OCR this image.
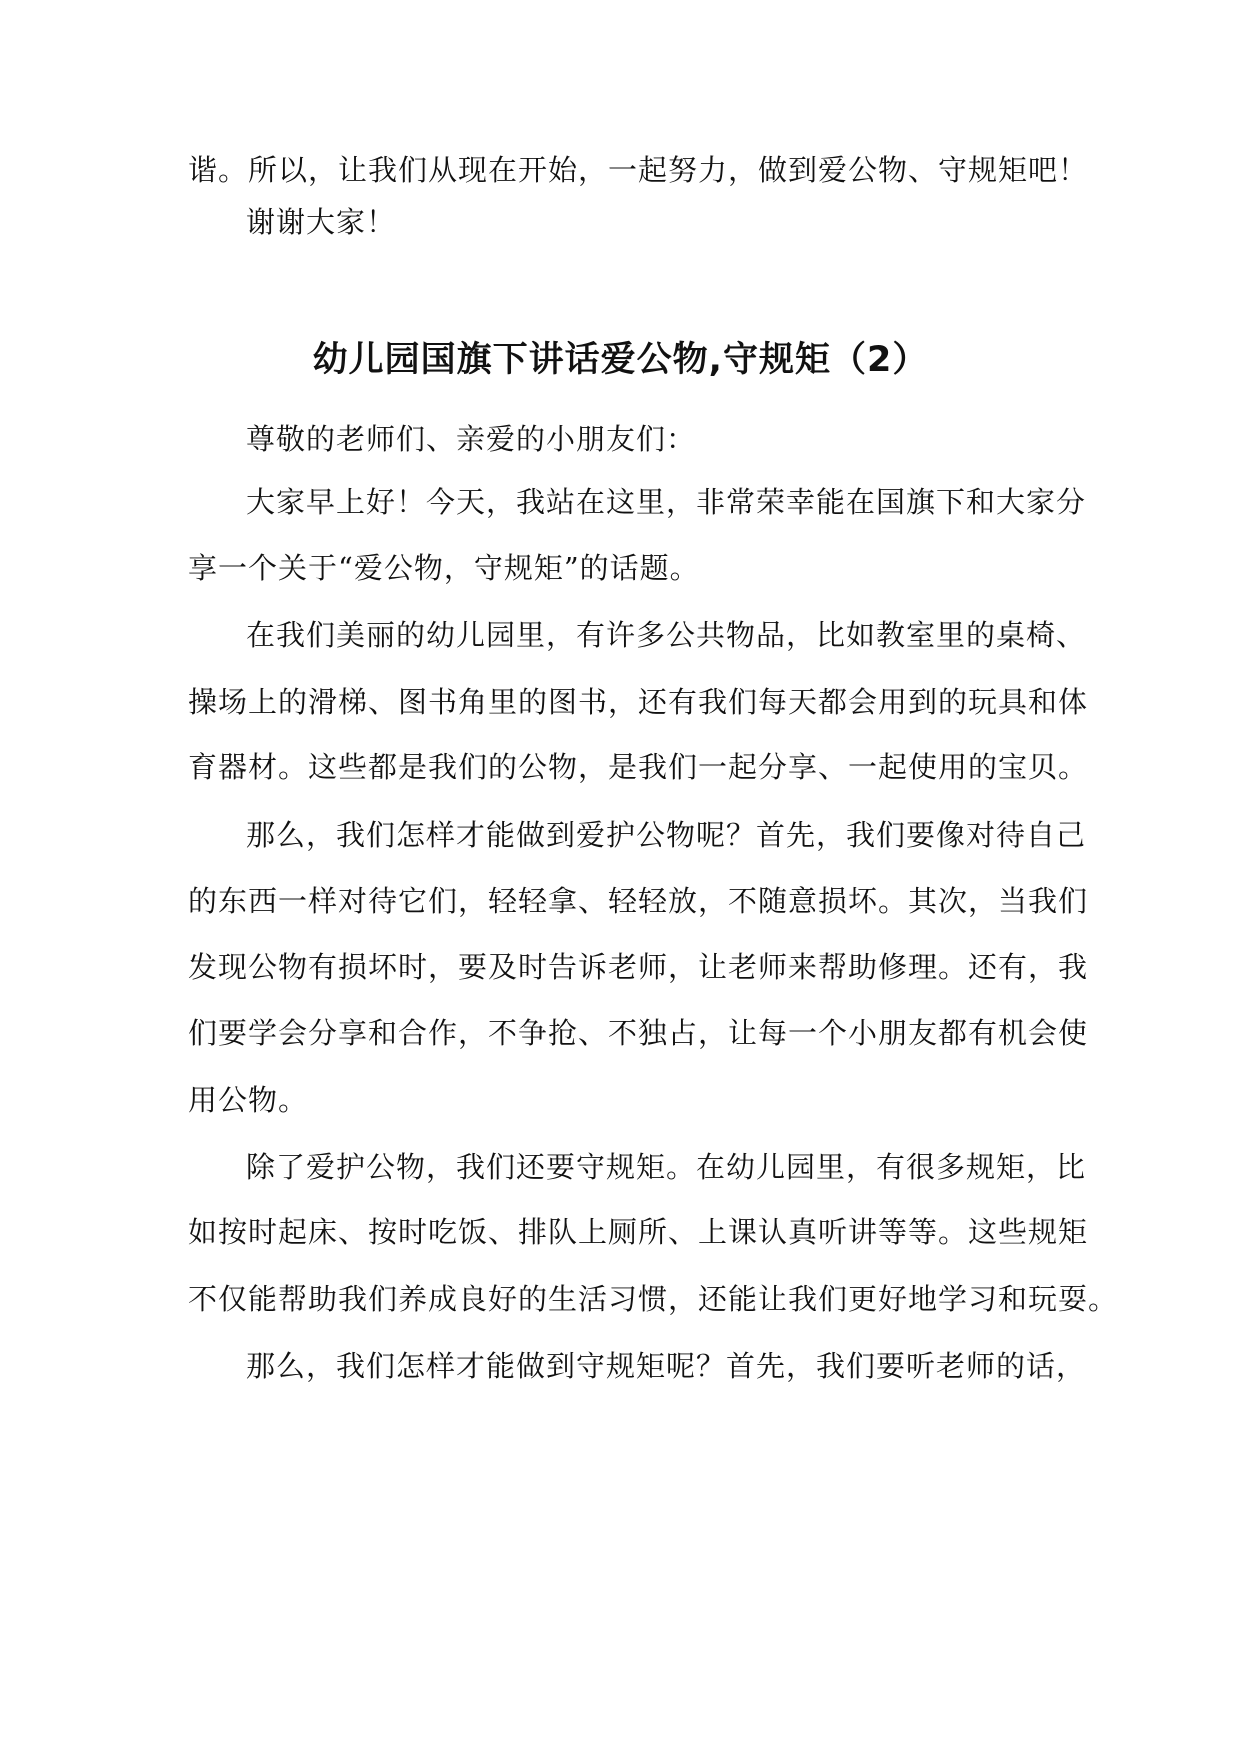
谐。所以，让我们从现在开始，一起努力，做到爱公物、守规矩吧！
谢谢大家！
幼儿园国旗下讲话爱公物,守规矩（2）
尊敬的老师们、亲爱的小朋友们：
大家早上好！今天，我站在这里，非常荣幸能在国旗下和大家分
享一个关于“爱公物，守规矩”的话题。
在我们美丽的幼儿园里，有许多公共物品，比如教室里的桌椅、
操场上的滑梯、图书角里的图书，还有我们每天都会用到的玩具和体
育器材。这些都是我们的公物，是我们一起分享、一起使用的宝贝。
那么，我们怎样才能做到爱护公物呢？首先，我们要像对待自己
的东西一样对待它们，轻轻拿、轻轻放，不随意损坏。其次，当我们
发现公物有损坏时，要及时告诉老师，让老师来帮助修理。还有，我
们要学会分享和合作，不争抢、不独占，让每一个小朋友都有机会使
用公物。
除了爱护公物，我们还要守规矩。在幼儿园里，有很多规矩，比
如按时起床、按时吃饭、排队上厕所、上课认真听讲等等。这些规矩
不仅能帮助我们养成良好的生活习惯，还能让我们更好地学习和玩耍。
那么，我们怎样才能做到守规矩呢？首先，我们要听老师的话，
